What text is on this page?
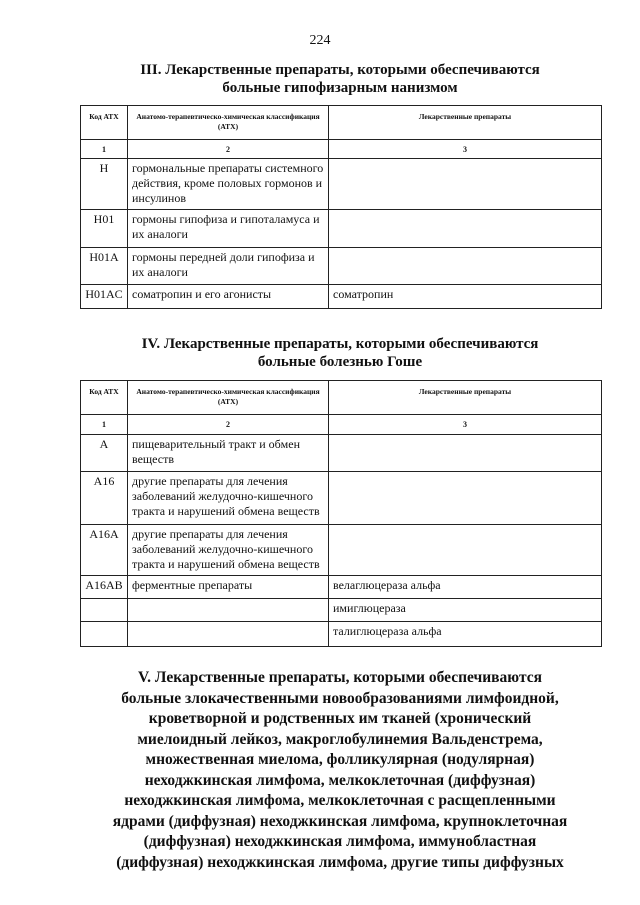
224
III. Лекарственные препараты, которыми обеспечиваются
больные гипофизарным нанизмом
Код АТХ	Анатомо-терапевтическо-химическая классификация (АТХ)	Лекарственные препараты
1	2	3
H	гормональные препараты системного действия, кроме половых гормонов и инсулинов	
H01	гормоны гипофиза и гипоталамуса и их аналоги	
H01A	гормоны передней доли гипофиза и их аналоги	
H01AC	соматропин и его агонисты	соматропин
IV. Лекарственные препараты, которыми обеспечиваются
больные болезнью Гоше
Код АТХ	Анатомо-терапевтическо-химическая классификация (АТХ)	Лекарственные препараты
1	2	3
A	пищеварительный тракт и обмен веществ	
A16	другие препараты для лечения заболеваний желудочно-кишечного тракта и нарушений обмена веществ	
A16A	другие препараты для лечения заболеваний желудочно-кишечного тракта и нарушений обмена веществ	
A16AB	ферментные препараты	велаглюцераза альфа
		имиглюцераза
		талиглюцераза альфа
V. Лекарственные препараты, которыми обеспечиваются
больные злокачественными новообразованиями лимфоидной,
кроветворной и родственных им тканей (хронический
миелоидный лейкоз, макроглобулинемия Вальденстрема,
множественная миелома, фолликулярная (нодулярная)
неходжкинская лимфома, мелкоклеточная (диффузная)
неходжкинская лимфома, мелкоклеточная с расщепленными
ядрами (диффузная) неходжкинская лимфома, крупноклеточная
(диффузная) неходжкинская лимфома, иммунобластная
(диффузная) неходжкинская лимфома, другие типы диффузных
